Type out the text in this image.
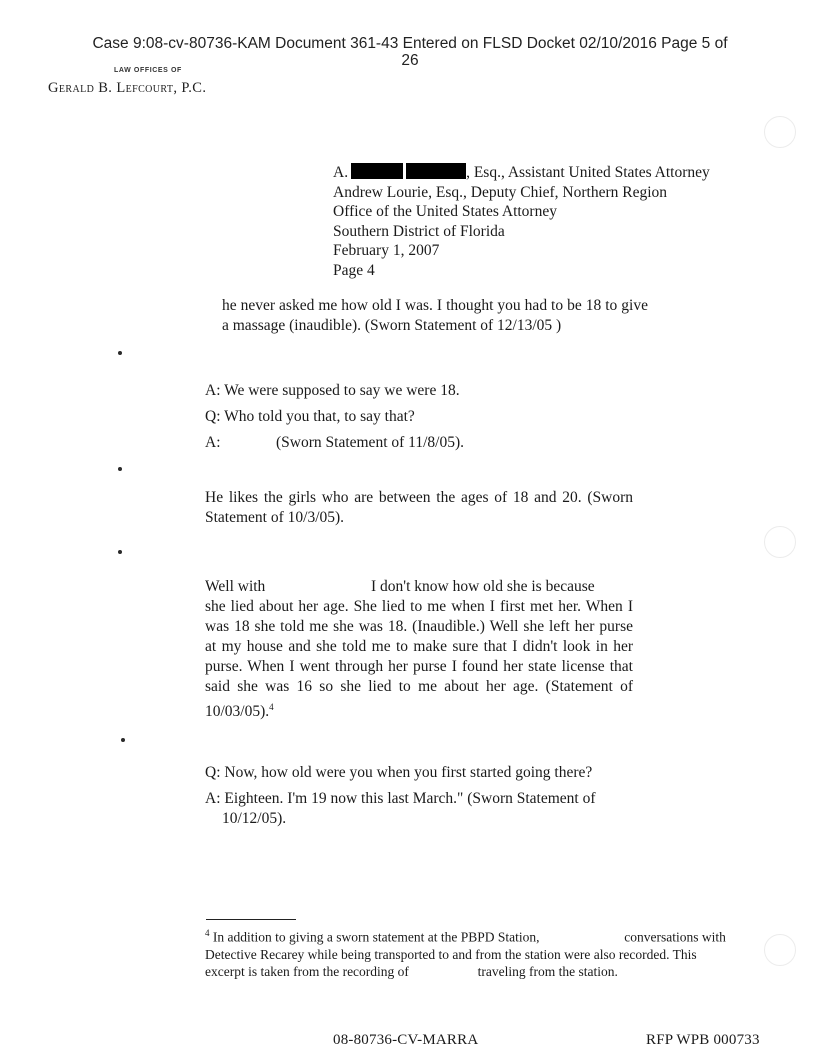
Case 9:08-cv-80736-KAM Document 361-43 Entered on FLSD Docket 02/10/2016 Page 5 of
26
LAW OFFICES OF
Gerald B. Lefcourt, P.C.
A.	, Esq., Assistant United States Attorney
Andrew Lourie, Esq., Deputy Chief, Northern Region
Office of the United States Attorney
Southern District of Florida
February 1, 2007
Page 4
he never asked me how old I was. I thought you had to be 18 to give a massage (inaudible). (Sworn Statement of 12/13/05 )
A: We were supposed to say we were 18.
Q: Who told you that, to say that?
A:	(Sworn Statement of 11/8/05).
He likes the girls who are between the ages of 18 and 20. (Sworn Statement of 10/3/05).
Well with	I don't know how old she is because
she lied about her age. She lied to me when I first met her. When I was 18 she told me she was 18. (Inaudible.) Well she left her purse at my house and she told me to make sure that I didn't look in her purse. When I went through her purse I found her state license that said she was 16 so she lied to me about her age. (Statement of 10/03/05).$^4$
Q: Now, how old were you when you first started going there?
A: Eighteen. I'm 19 now this last March." (Sworn Statement of
10/12/05).
$^4$ In addition to giving a sworn statement at the PBPD Station,	conversations with Detective Recarey while being transported to and from the station were also recorded. This excerpt is taken from the recording of	traveling from the station.
08-80736-CV-MARRA	RFP WPB 000733
